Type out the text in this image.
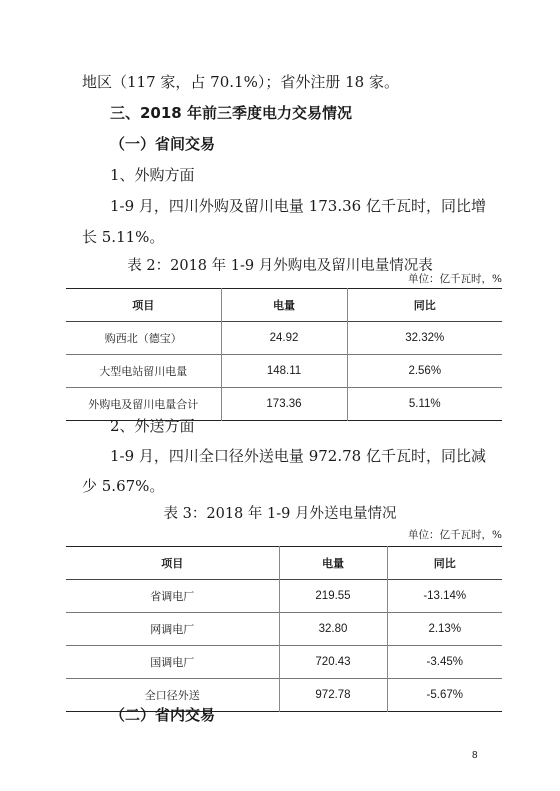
地区（117 家，占 70.1%）；省外注册 18 家。
三、2018 年前三季度电力交易情况
（一）省间交易
1、外购方面
1-9 月，四川外购及留川电量 173.36 亿千瓦时，同比增
长 5.11%。
表 2：2018 年 1-9 月外购电及留川电量情况表
单位：亿千瓦时，%
项目	电量	同比
购西北（德宝）	24.92	32.32%
大型电站留川电量	148.11	2.56%
外购电及留川电量合计	173.36	5.11%
2、外送方面
1-9 月，四川全口径外送电量 972.78 亿千瓦时，同比减
少 5.67%。
表 3：2018 年 1-9 月外送电量情况
单位：亿千瓦时，%
项目	电量	同比
省调电厂	219.55	-13.14%
网调电厂	32.80	2.13%
国调电厂	720.43	-3.45%
全口径外送	972.78	-5.67%
（二）省内交易
8
